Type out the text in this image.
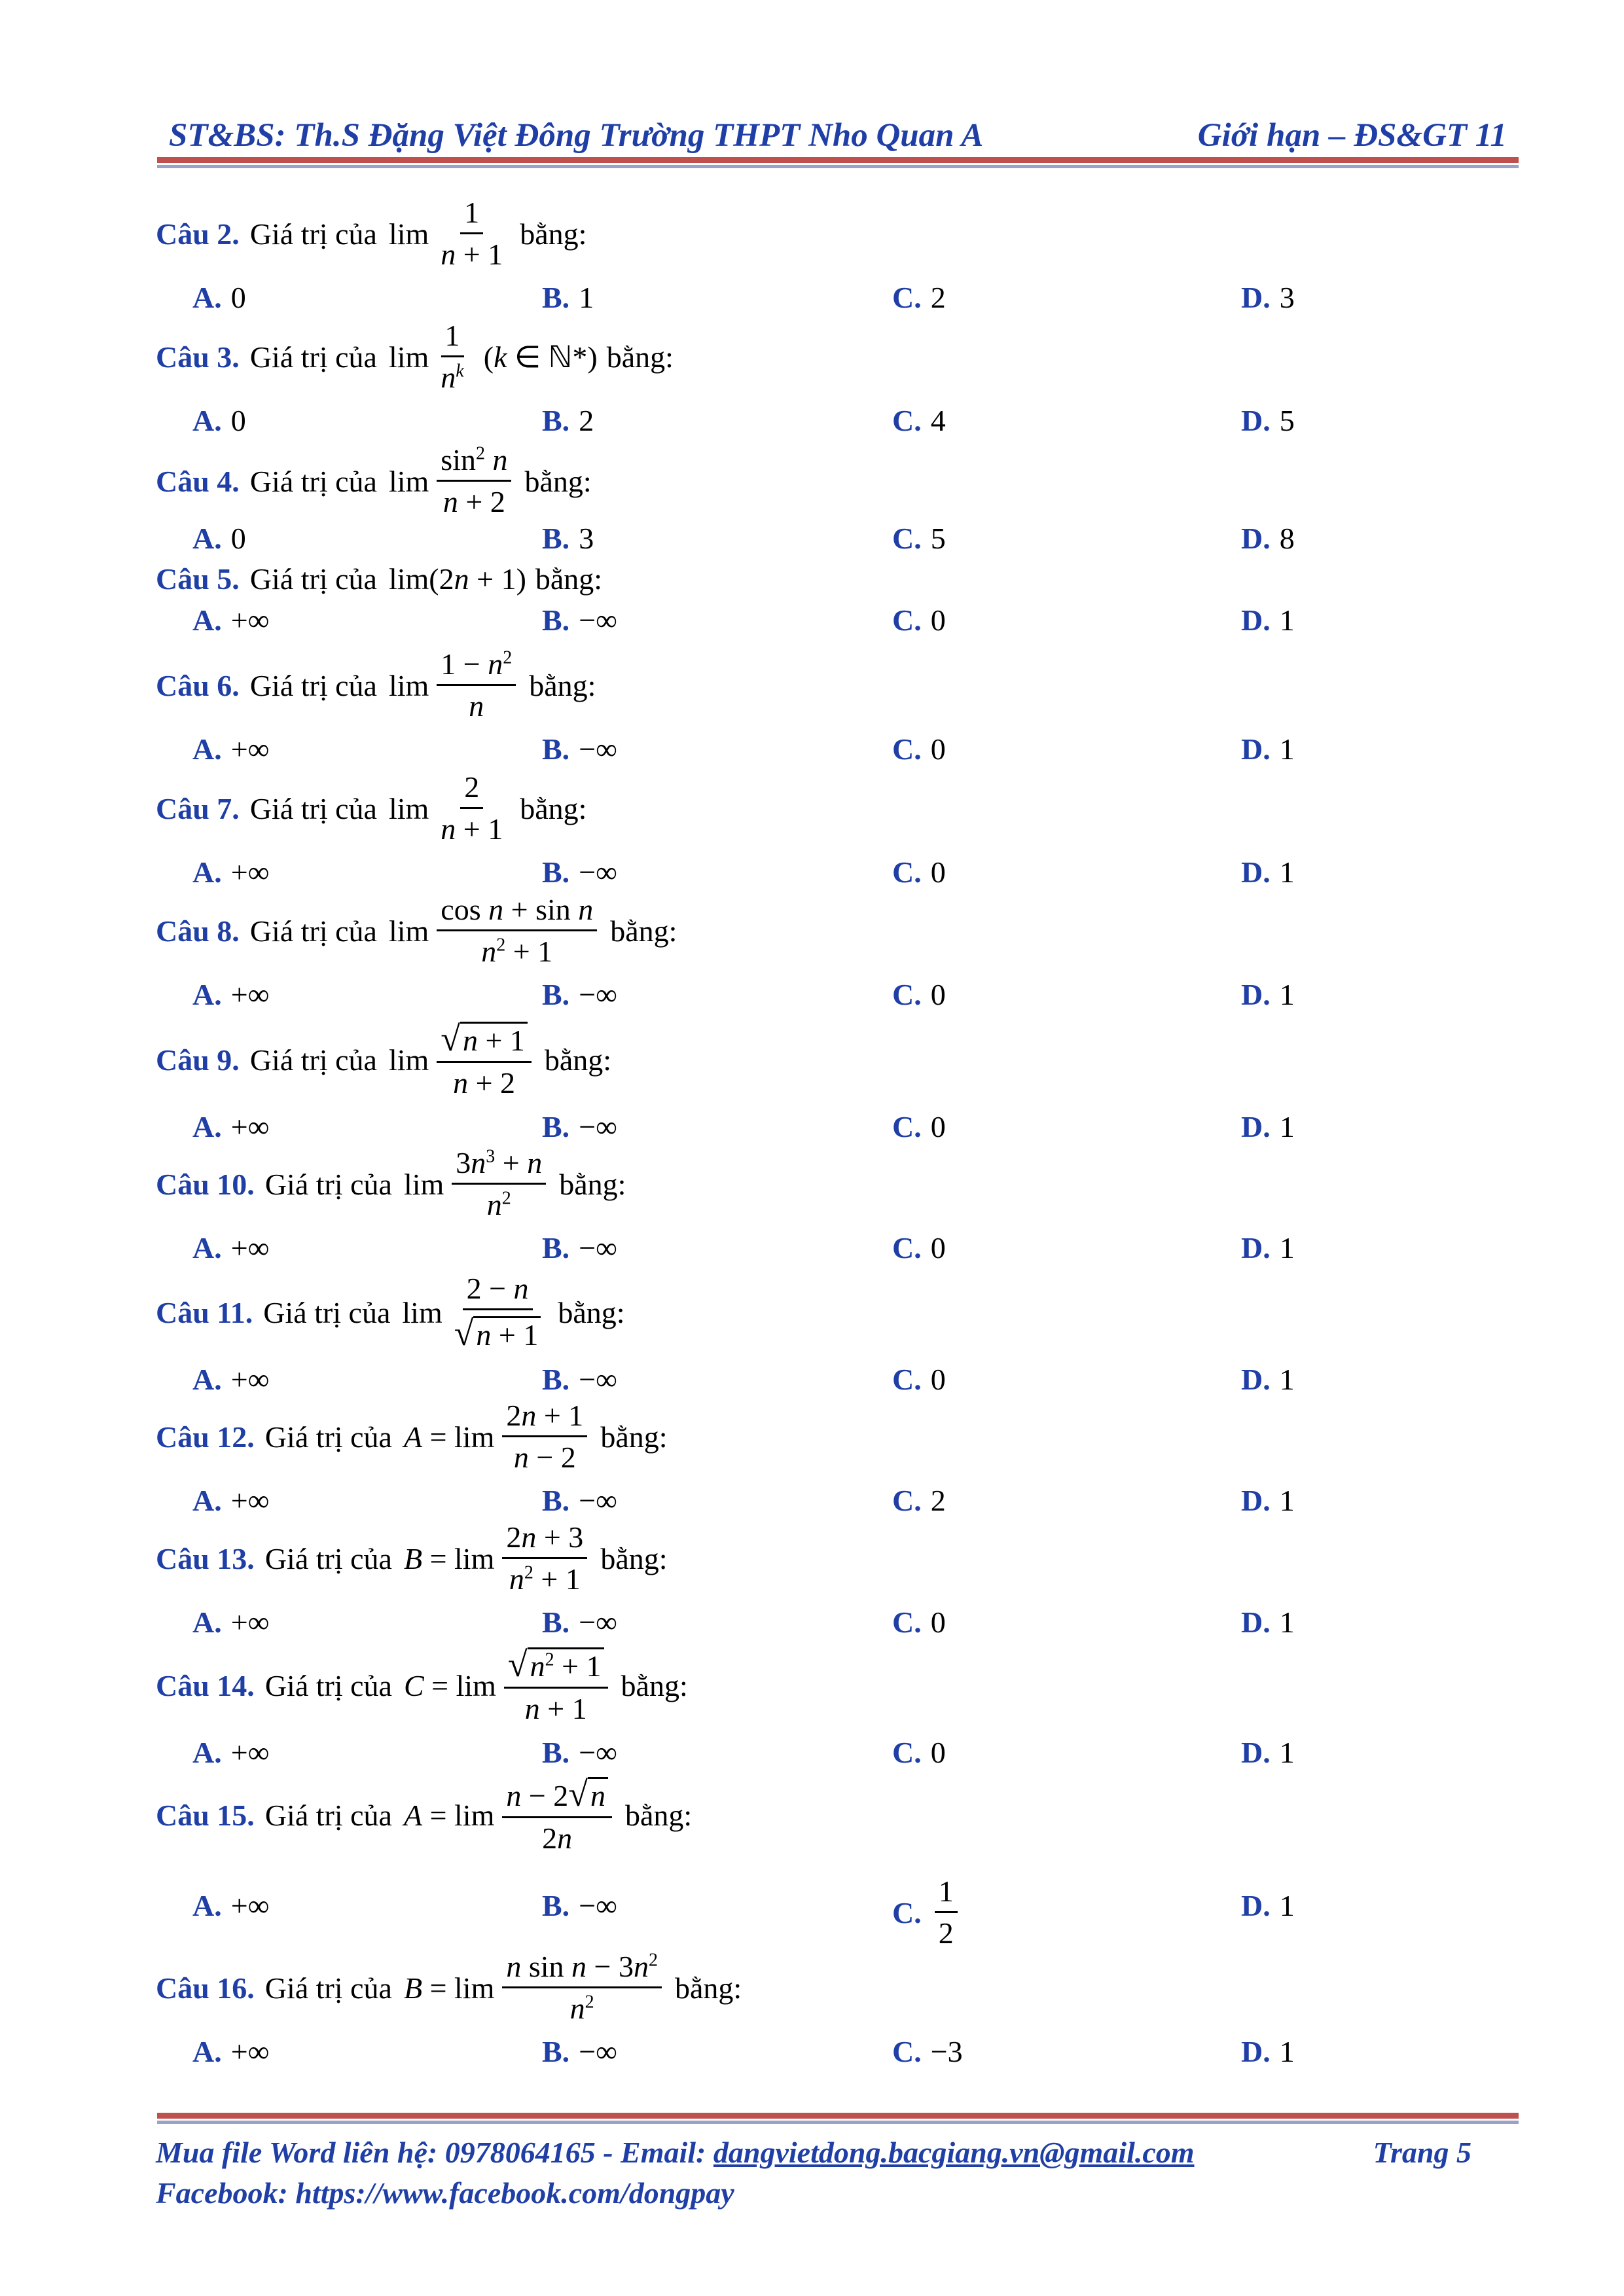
ST&BS: Th.S Đặng Việt Đông Trường THPT Nho Quan A	Giới hạn – ĐS&GT 11
Câu 2. Giá trị của $\lim \frac{1}{n + 1}$ bằng:
A. 0	B. 1	C. 2	D. 3
Câu 3. Giá trị của $\lim \frac{1}{n^k} (k$ ∈ ℕ*) bằng:
A. 0	B. 2	C. 4	D. 5
Câu 4. Giá trị của $\lim \frac{\sin^2 n}{n + 2}$ bằng:
A. 0	B. 3	C. 5	D. 8
Câu 5. Giá trị của lim(2n + 1) bằng:
A. +∞	B. −∞	C. 0	D. 1
Câu 6. Giá trị của $\lim \frac{1 - n^2}{n}$ bằng:
A. +∞	B. −∞	C. 0	D. 1
Câu 7. Giá trị của $\lim \frac{2}{n + 1}$ bằng:
A. +∞	B. −∞	C. 0	D. 1
Câu 8. Giá trị của $\lim \frac{\text{cos n + sin n}}{n^2 + 1}$ bằng:
A. +∞	B. −∞	C. 0	D. 1
Câu 9. Giá trị của $\lim \frac{√n + 1}{n + 2}$ bằng:
A. +∞	B. −∞	C. 0	D. 1
Câu 10. Giá trị của $\lim \frac{3n^3 + n}{n^2}$ bằng:
A. +∞	B. −∞	C. 0	D. 1
Câu 11. Giá trị của $\lim \frac{2 - n}{√n + 1}$ bằng:
A. +∞	B. −∞	C. 0	D. 1
Câu 12. Giá trị của $A = \lim \frac{2n + 1}{n - 2}$ bằng:
A. +∞	B. −∞	C. 2	D. 1
Câu 13. Giá trị của $B = \lim \frac{2n + 3}{n^2 + 1}$ bằng:
A. +∞	B. −∞	C. 0	D. 1
Câu 14. Giá trị của $C = \lim \frac{√n^2 + 1}{n + 1}$ bằng:
A. +∞	B. −∞	C. 0	D. 1
Câu 15. Giá trị của $A = \lim \frac{n - 2√n}{2n}$ bằng:
A. +∞	B. −∞	C. $\frac{1}{2}$	D. 1
Câu 16. Giá trị của $B = \lim \frac{n \sin n - 3n^2}{n^2}$ bằng:
A. +∞	B. −∞	C. −3	D. 1
Mua file Word liên hệ: 0978064165 - Email: dangvietdong.bacgiang.vn@gmail.com	Trang 5
Facebook: https://www.facebook.com/dongpay
